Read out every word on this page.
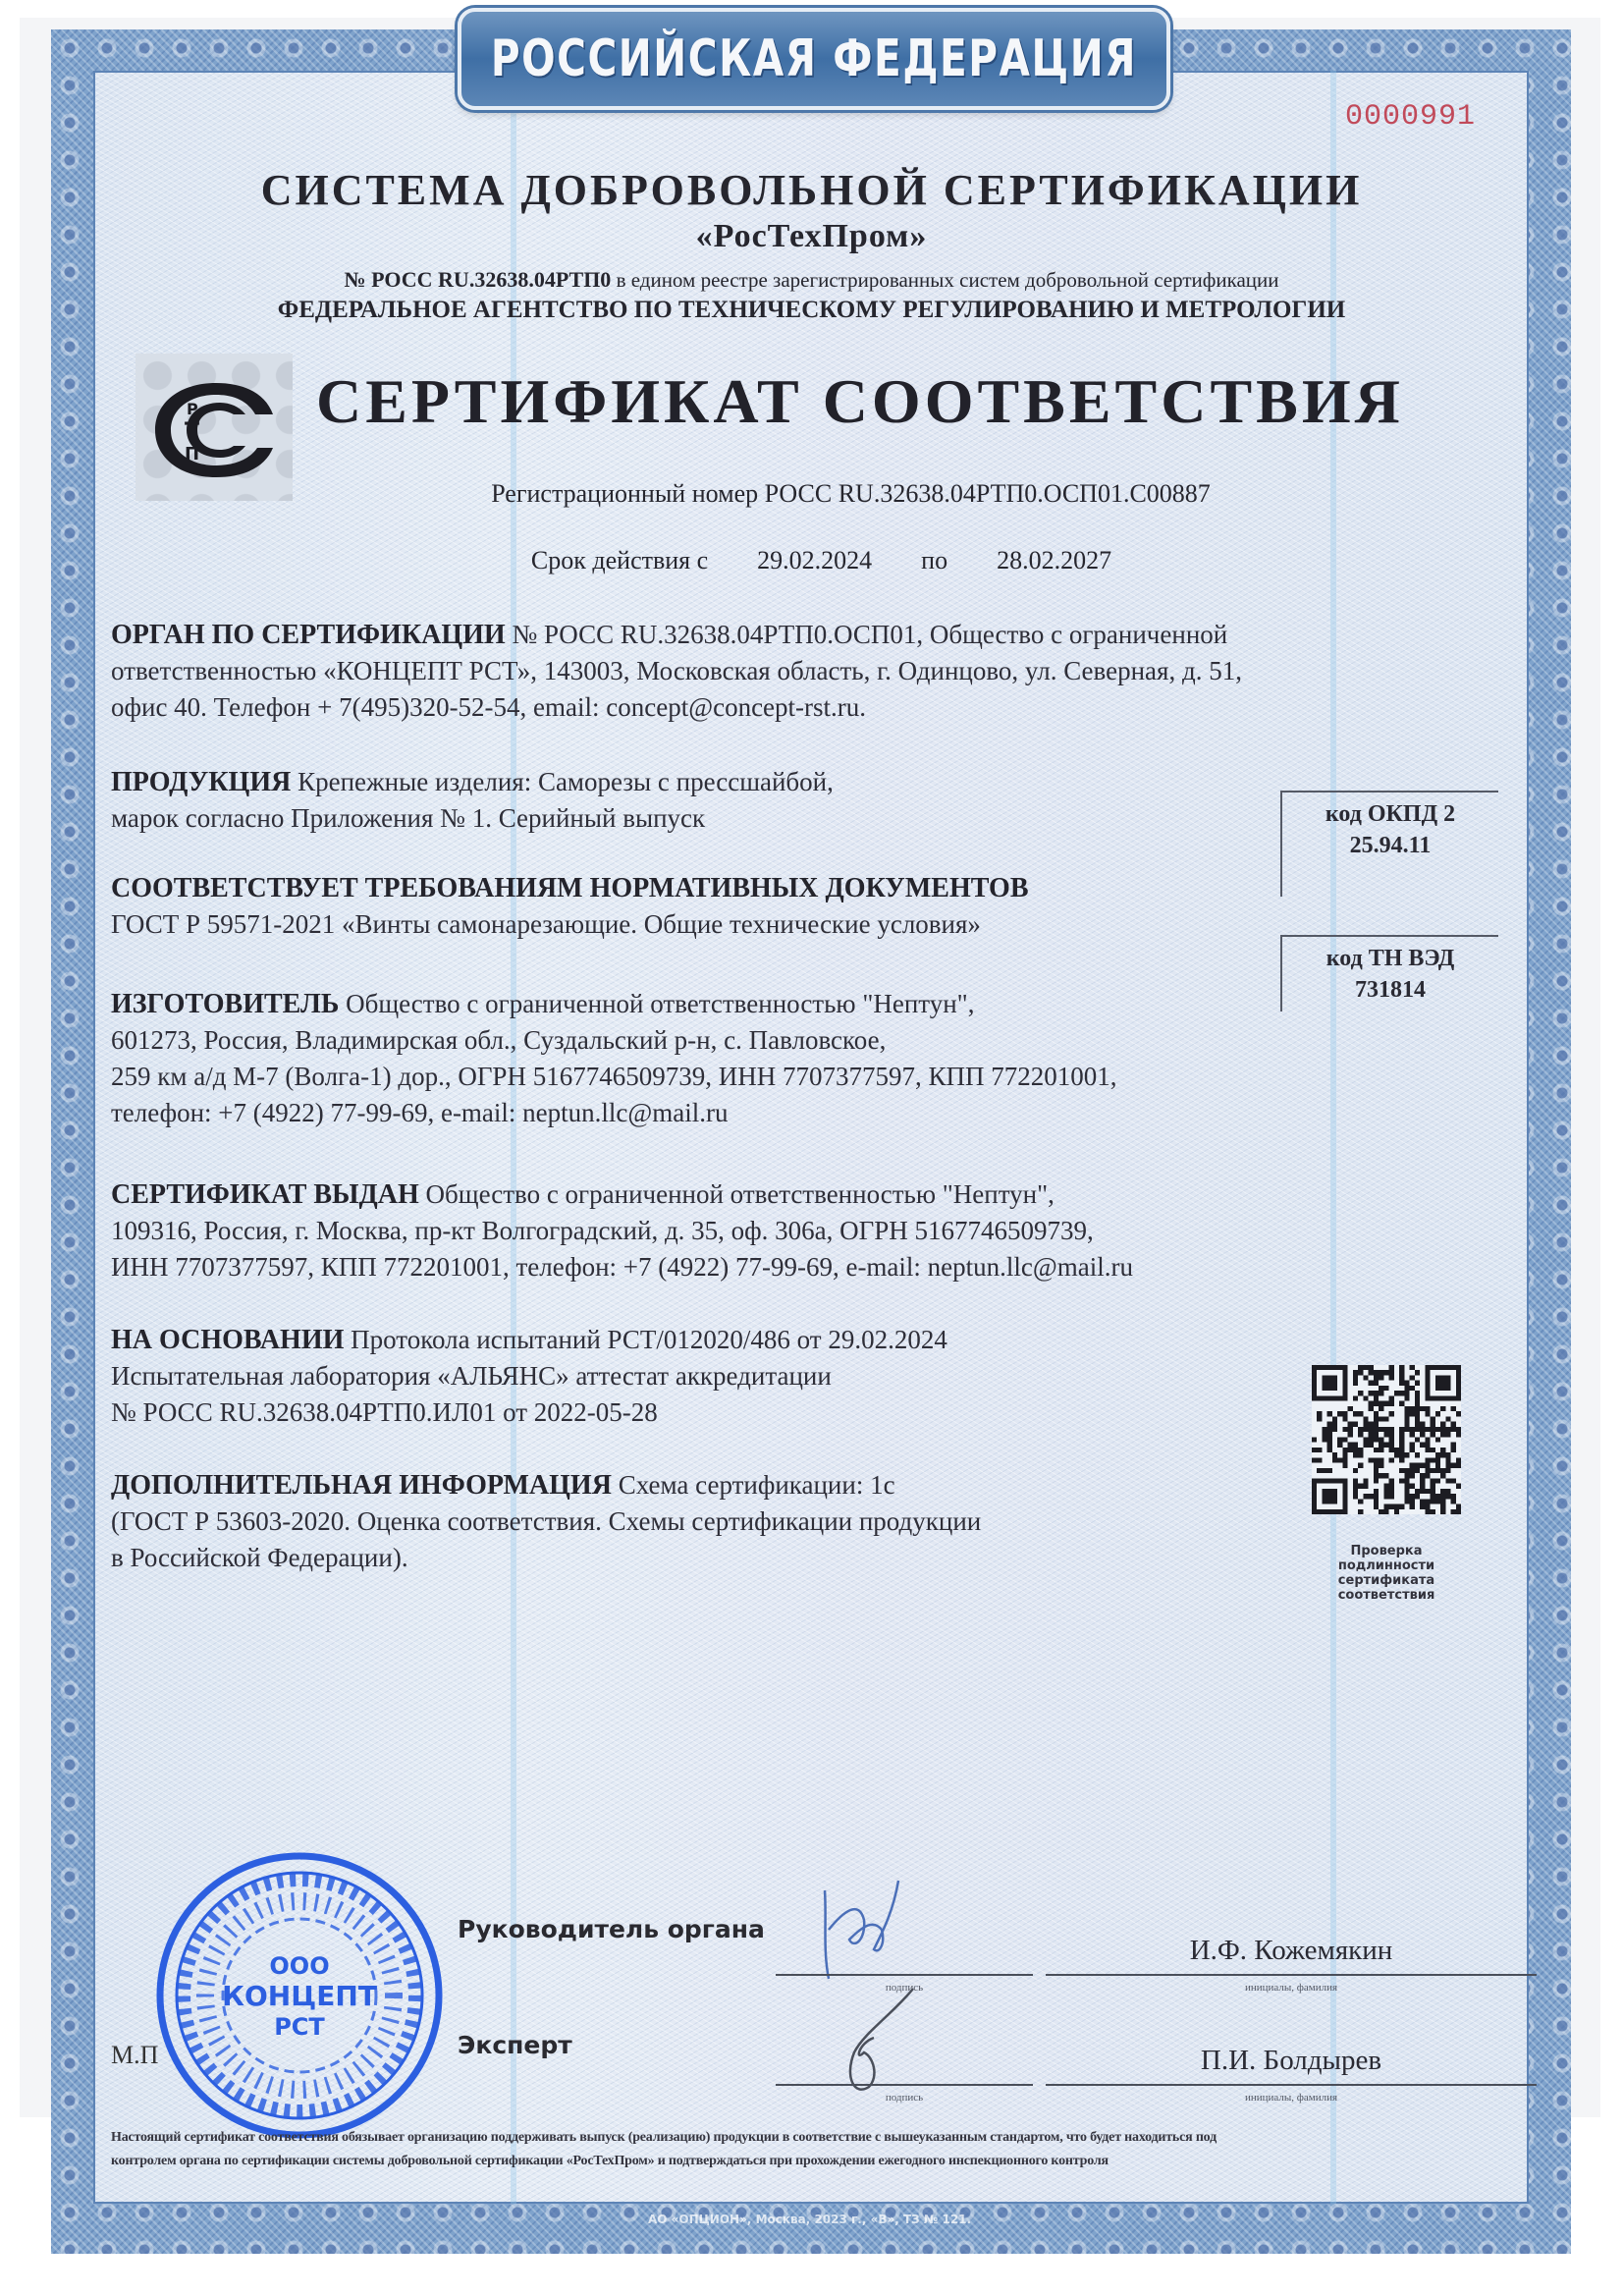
РОССИЙСКАЯ ФЕДЕРАЦИЯ
0000991
СИСТЕМА ДОБРОВОЛЬНОЙ СЕРТИФИКАЦИИ
«РосТехПром»
№ РОСС RU.32638.04РТП0 в едином реестре зарегистрированных систем добровольной сертификации
ФЕДЕРАЛЬНОЕ АГЕНТСТВО ПО ТЕХНИЧЕСКОМУ РЕГУЛИРОВАНИЮ И МЕТРОЛОГИИ
Р
Т
П
СЕРТИФИКАТ СООТВЕТСТВИЯ
Регистрационный номер РОСС RU.32638.04РТП0.ОСП01.С00887
Срок действия с 29.02.2024 по 28.02.2027
ОРГАН ПО СЕРТИФИКАЦИИ № РОСС RU.32638.04РТП0.ОСП01, Общество с ограниченной
ответственностью «КОНЦЕПТ РСТ», 143003, Московская область, г. Одинцово, ул. Северная, д. 51,
офис 40. Телефон + 7(495)320-52-54, email: concept@concept-rst.ru.
ПРОДУКЦИЯ Крепежные изделия: Саморезы с прессшайбой,
марок согласно Приложения № 1. Серийный выпуск
СООТВЕТСТВУЕТ ТРЕБОВАНИЯМ НОРМАТИВНЫХ ДОКУМЕНТОВ
ГОСТ Р 59571-2021 «Винты самонарезающие. Общие технические условия»
ИЗГОТОВИТЕЛЬ Общество с ограниченной ответственностью "Нептун",
601273, Россия, Владимирская обл., Суздальский р-н, с. Павловское,
259 км а/д М-7 (Волга-1) дор., ОГРН 5167746509739, ИНН 7707377597, КПП 772201001,
телефон: +7 (4922) 77-99-69, e-mail: neptun.llc@mail.ru
СЕРТИФИКАТ ВЫДАН Общество с ограниченной ответственностью "Нептун",
109316, Россия, г. Москва, пр-кт Волгоградский, д. 35, оф. 306а, ОГРН 5167746509739,
ИНН 7707377597, КПП 772201001, телефон: +7 (4922) 77-99-69, e-mail: neptun.llc@mail.ru
НА ОСНОВАНИИ Протокола испытаний РСТ/012020/486 от 29.02.2024
Испытательная лаборатория «АЛЬЯНС» аттестат аккредитации
№ РОСС RU.32638.04РТП0.ИЛ01 от 2022-05-28
ДОПОЛНИТЕЛЬНАЯ ИНФОРМАЦИЯ Схема сертификации: 1с
(ГОСТ Р 53603-2020. Оценка соответствия. Схемы сертификации продукции
в Российской Федерации).
код ОКПД 2
25.94.11
код ТН ВЭД
731814
Проверка
подлинности
сертификата
соответствия
ООО
КОНЦЕПТ
РСТ
М.П
Руководитель органа
подпись
И.Ф. Кожемякин
инициалы, фамилия
Эксперт
подпись
П.И. Болдырев
инициалы, фамилия
Настоящий сертификат соответствия обязывает организацию поддерживать выпуск (реализацию) продукции в соответствие с вышеуказанным стандартом, что будет находиться под
контролем органа по сертификации системы добровольной сертификации «РосТехПром» и подтверждаться при прохождении ежегодного инспекционного контроля
АО «ОПЦИОН», Москва, 2023 г., «В», ТЗ № 121.
